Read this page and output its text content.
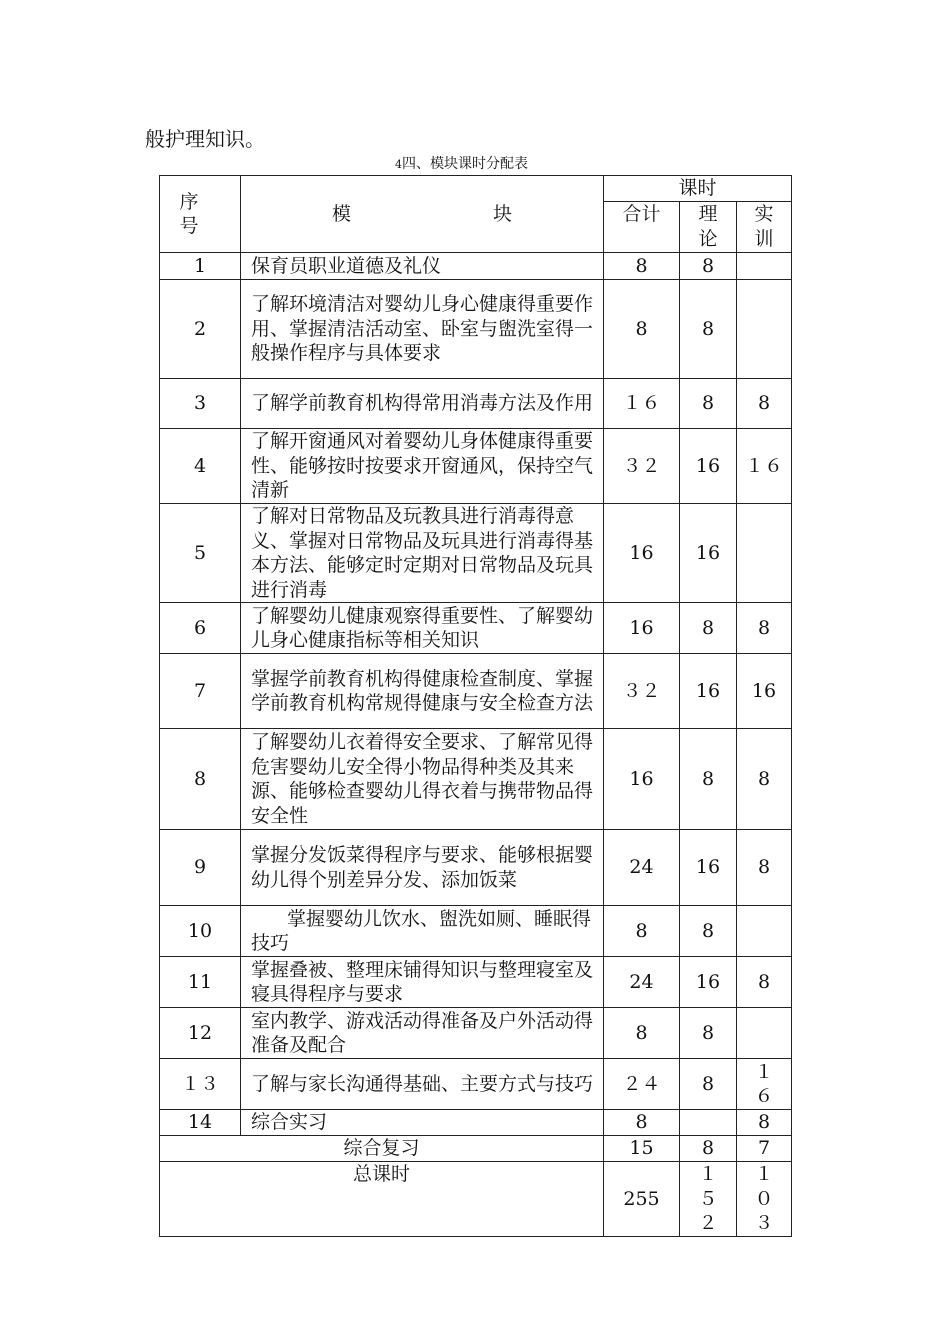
般护理知识。
4四、模块课时分配表
序 号	模 块	课时		
		合计	理论	实训
1	保育员职业道德及礼仪	8	8	
2	了解环境清洁对婴幼儿身心健康得重要作用、掌握清洁活动室、卧室与盥洗室得一般操作程序与具体要求	8	8	
3	了解学前教育机构得常用消毒方法及作用	１６	8	8
4	了解开窗通风对着婴幼儿身体健康得重要性、能够按时按要求开窗通风，保持空气清新	３２	16	１６
5	了解对日常物品及玩教具进行消毒得意义、掌握对日常物品及玩具进行消毒得基本方法、能够定时定期对日常物品及玩具进行消毒	16	16	
6	了解婴幼儿健康观察得重要性、了解婴幼儿身心健康指标等相关知识	16	8	8
7	掌握学前教育机构得健康检查制度、掌握学前教育机构常规得健康与安全检查方法	３２	16	16
8	了解婴幼儿衣着得安全要求、了解常见得危害婴幼儿安全得小物品得种类及其来源、能够检查婴幼儿得衣着与携带物品得安全性	16	8	8
9	掌握分发饭菜得程序与要求、能够根据婴幼儿得个别差异分发、添加饭菜	24	16	8
10	掌握婴幼儿饮水、盥洗如厕、睡眠得技巧	8	8	
11	掌握叠被、整理床铺得知识与整理寝室及寝具得程序与要求	24	16	8
12	室内教学、游戏活动得准备及户外活动得准备及配合	8	8	
１３	了解与家长沟通得基础、主要方式与技巧	２４	8	１６
14	综合实习	8		8
综合复习		15	8	7
总课时		255	１５２	１０３
